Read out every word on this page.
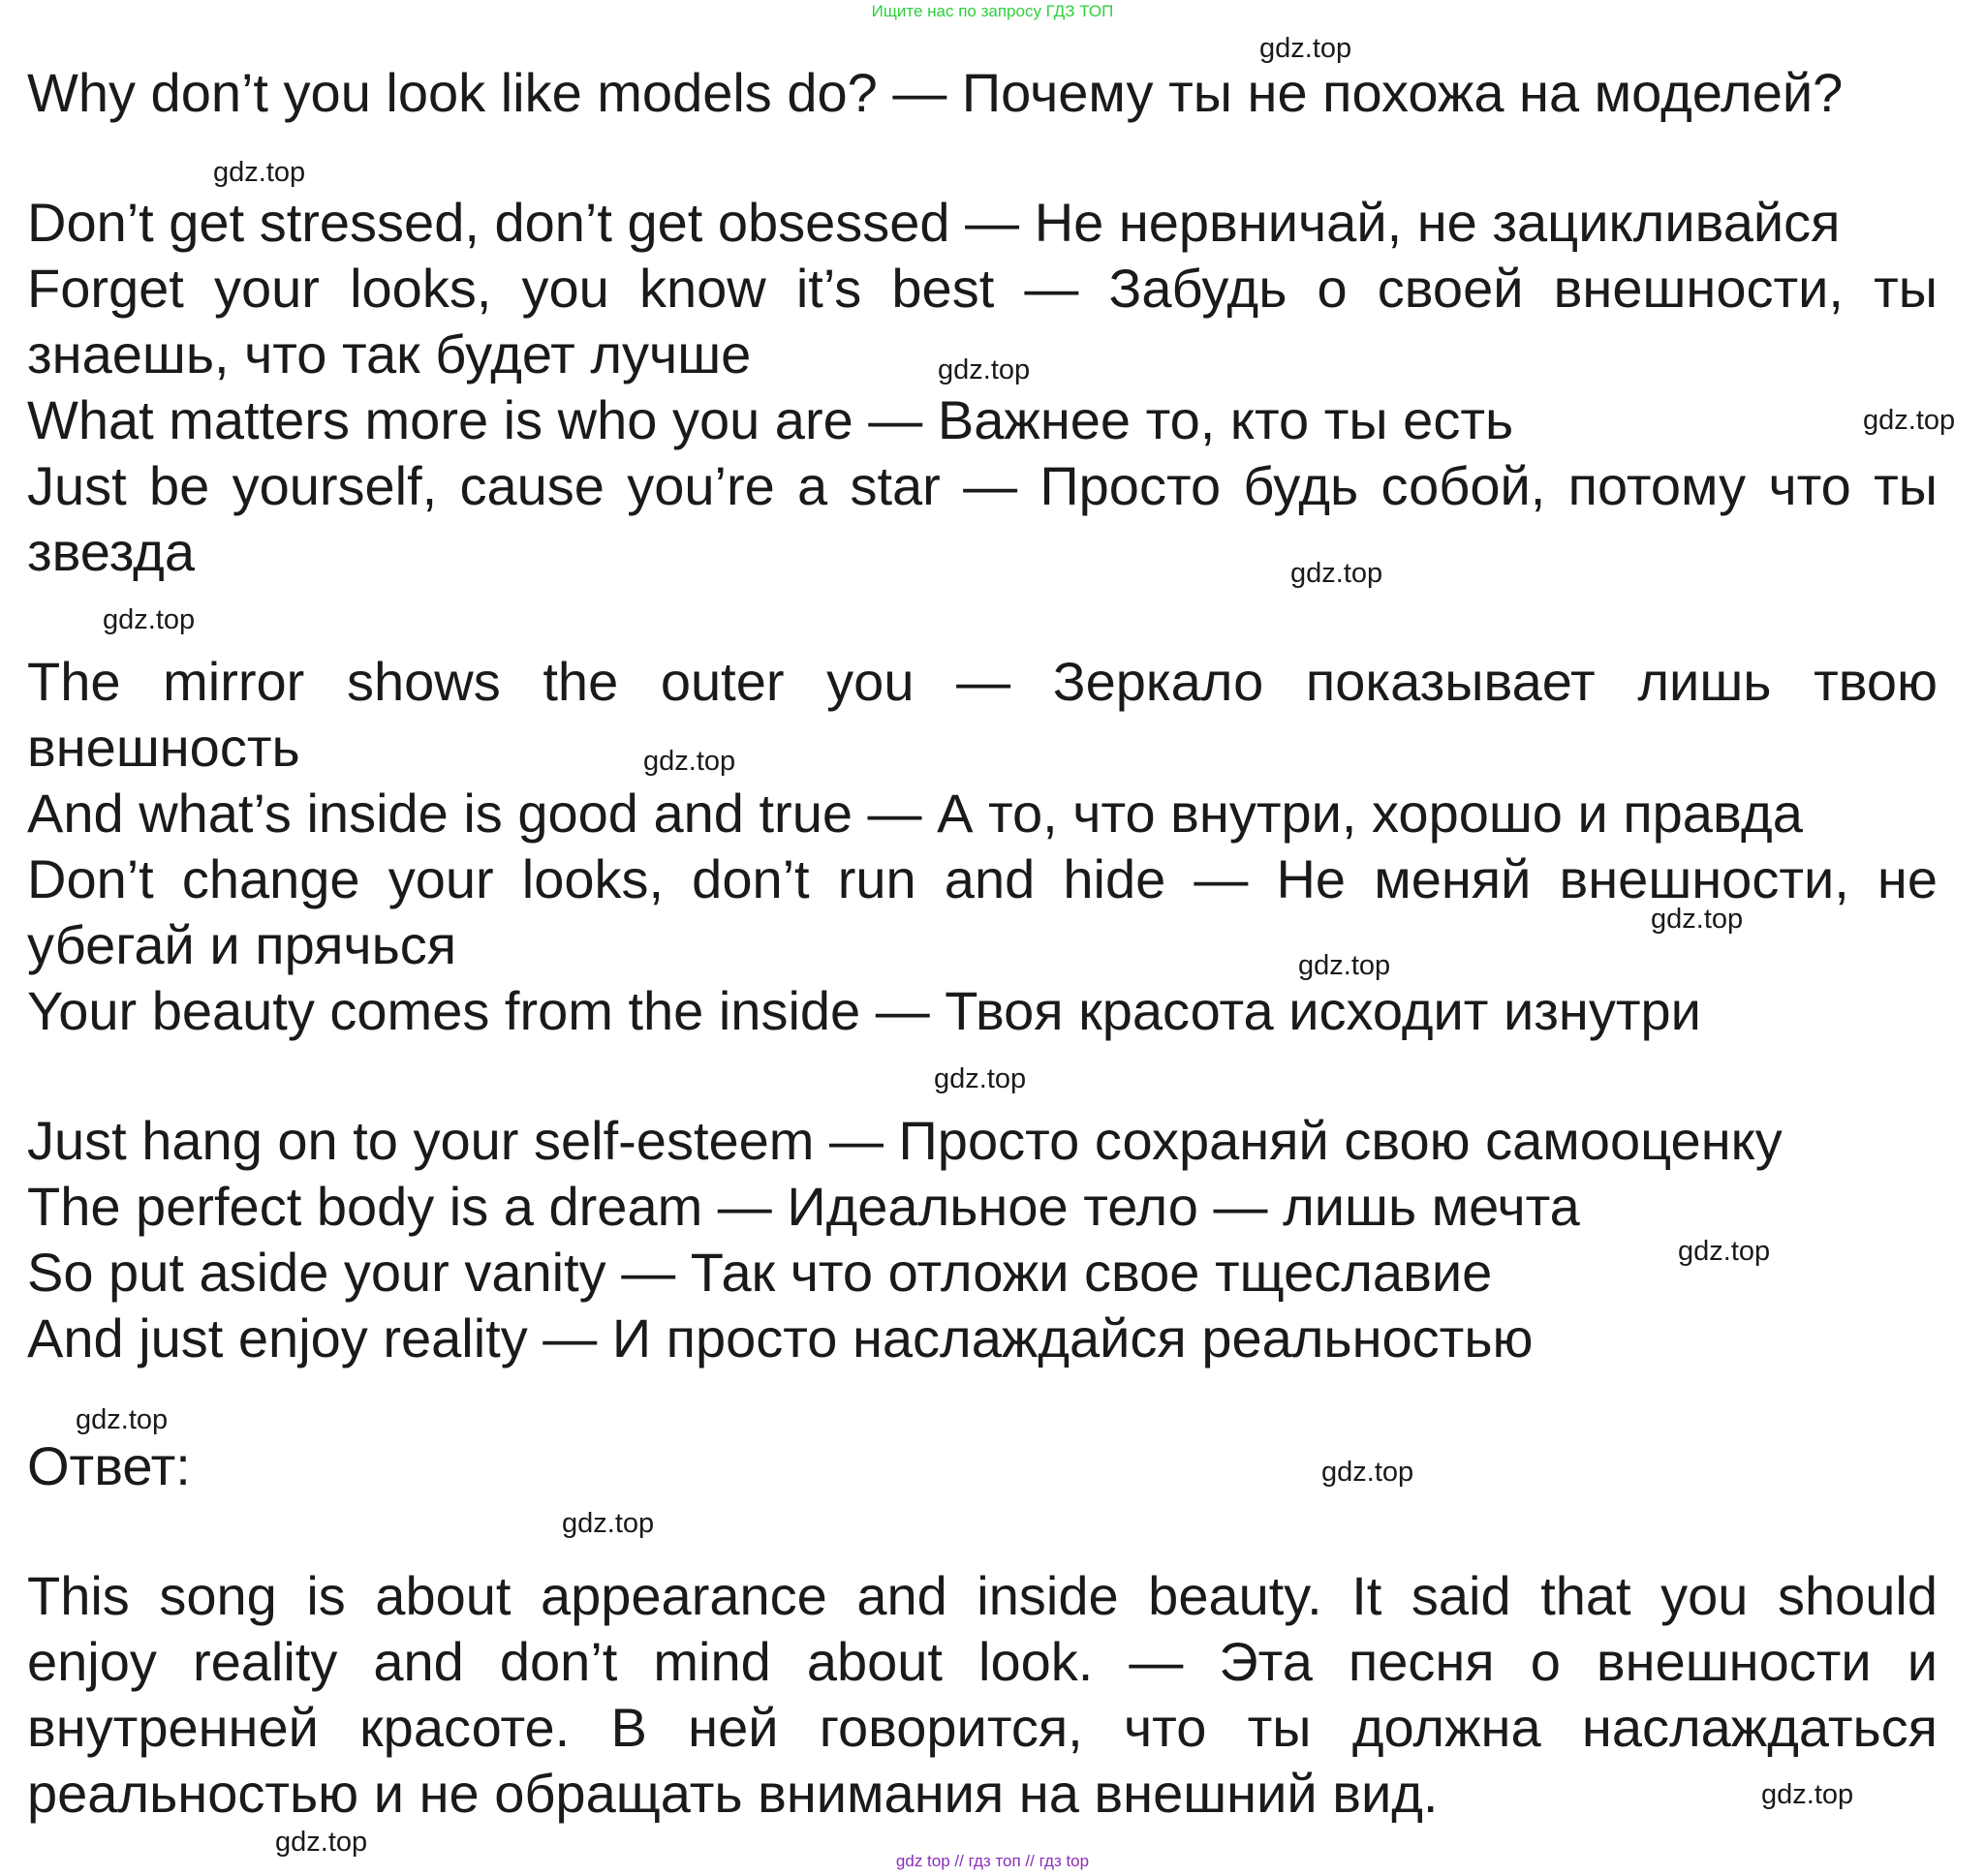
Ищите нас по запросу ГДЗ ТОП
gdz.top
gdz.top
gdz.top
gdz.top
gdz.top
gdz.top
gdz.top
gdz.top
gdz.top
gdz.top
gdz.top
gdz.top
gdz.top
gdz.top
gdz.top
gdz.top
Why don’t you look like models do? — Почему ты не похожа на моделей?
Don’t get stressed, don’t get obsessed — Не нервничай, не зацикливайся
Forget your looks, you know it’s best — Забудь о своей внешности, ты
знаешь, что так будет лучше
What matters more is who you are — Важнее то, кто ты есть
Just be yourself, cause you’re a star — Просто будь собой, потому что ты
звезда
The mirror shows the outer you — Зеркало показывает лишь твою
внешность
And what’s inside is good and true — А то, что внутри, хорошо и правда
Don’t change your looks, don’t run and hide — Не меняй внешности, не
убегай и прячься
Your beauty comes from the inside — Твоя красота исходит изнутри
Just hang on to your self-esteem — Просто сохраняй свою самооценку
The perfect body is a dream — Идеальное тело — лишь мечта
So put aside your vanity — Так что отложи свое тщеславие
And just enjoy reality — И просто наслаждайся реальностью
Ответ:
This song is about appearance and inside beauty. It said that you should
enjoy reality and don’t mind about look. — Эта песня о внешности и
внутренней красоте. В ней говорится, что ты должна наслаждаться
реальностью и не обращать внимания на внешний вид.
gdz top // гдз топ // гдз top
